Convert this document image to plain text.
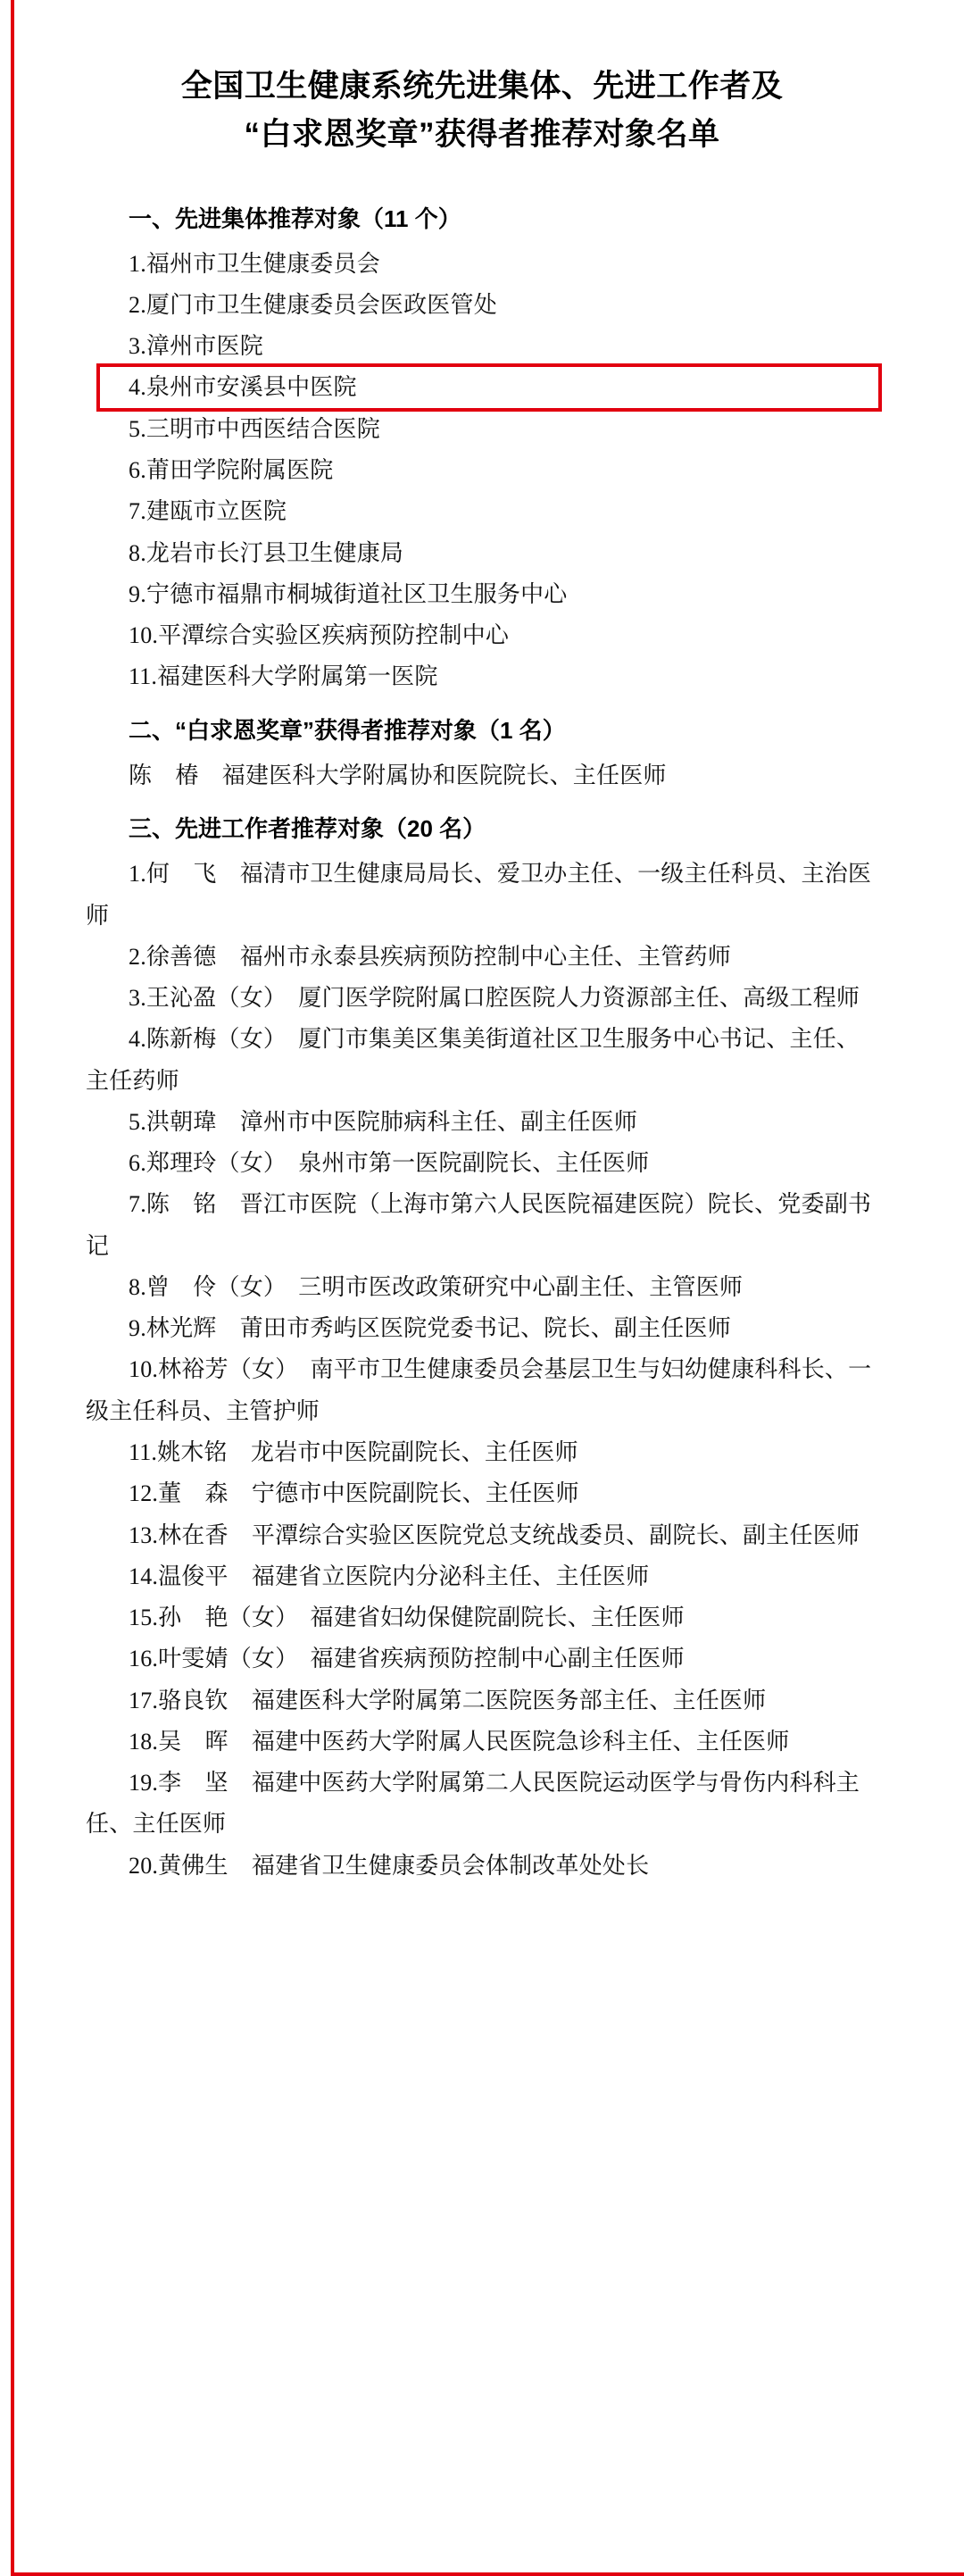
全国卫生健康系统先进集体、先进工作者及
“白求恩奖章”获得者推荐对象名单
一、先进集体推荐对象（11 个）

1.福州市卫生健康委员会

2.厦门市卫生健康委员会医政医管处

3.漳州市医院

4.泉州市安溪县中医院

5.三明市中西医结合医院

6.莆田学院附属医院

7.建瓯市立医院

8.龙岩市长汀县卫生健康局

9.宁德市福鼎市桐城街道社区卫生服务中心

10.平潭综合实验区疾病预防控制中心

11.福建医科大学附属第一医院

二、“白求恩奖章”获得者推荐对象（1 名）

陈　椿　福建医科大学附属协和医院院长、主任医师

三、先进工作者推荐对象（20 名）

1.何　飞　福清市卫生健康局局长、爱卫办主任、一级主任科员、主治医师

2.徐善德　福州市永泰县疾病预防控制中心主任、主管药师

3.王沁盈（女）　厦门医学院附属口腔医院人力资源部主任、高级工程师

4.陈新梅（女）　厦门市集美区集美街道社区卫生服务中心书记、主任、主任药师

5.洪朝瑋　漳州市中医院肺病科主任、副主任医师

6.郑理玲（女）　泉州市第一医院副院长、主任医师

7.陈　铭　晋江市医院（上海市第六人民医院福建医院）院长、党委副书记

8.曾　伶（女）　三明市医改政策研究中心副主任、主管医师

9.林光辉　莆田市秀屿区医院党委书记、院长、副主任医师

10.林裕芳（女）　南平市卫生健康委员会基层卫生与妇幼健康科科长、一级主任科员、主管护师

11.姚木铭　龙岩市中医院副院长、主任医师

12.董　森　宁德市中医院副院长、主任医师

13.林在香　平潭综合实验区医院党总支统战委员、副院长、副主任医师

14.温俊平　福建省立医院内分泌科主任、主任医师

15.孙　艳（女）　福建省妇幼保健院副院长、主任医师

16.叶雯婧（女）　福建省疾病预防控制中心副主任医师

17.骆良钦　福建医科大学附属第二医院医务部主任、主任医师

18.吴　晖　福建中医药大学附属人民医院急诊科主任、主任医师

19.李　坚　福建中医药大学附属第二人民医院运动医学与骨伤内科科主任、主任医师

20.黄佛生　福建省卫生健康委员会体制改革处处长
